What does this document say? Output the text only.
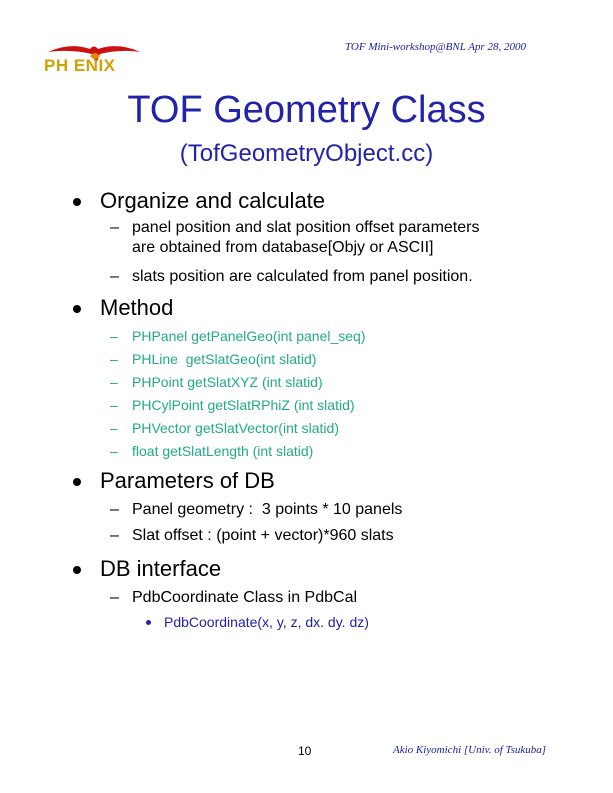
TOF Mini-workshop@BNL Apr 28, 2000
PH ENIX
TOF Geometry Class
(TofGeometryObject.cc)
Organize and calculate
– panel position and slat position offset parameters
are obtained from database[Objy or ASCII]
– slats position are calculated from panel position.
Method
– PHPanel getPanelGeo(int panel_seq)
– PHLine  getSlatGeo(int slatid)
– PHPoint getSlatXYZ (int slatid)
– PHCylPoint getSlatRPhiZ (int slatid)
– PHVector getSlatVector(int slatid)
– float getSlatLength (int slatid)
Parameters of DB
– Panel geometry :  3 points * 10 panels
– Slat offset : (point + vector)*960 slats
DB interface
– PdbCoordinate Class in PdbCal
PdbCoordinate(x, y, z, dx. dy. dz)
10	Akio Kiyomichi [Univ. of Tsukuba]
